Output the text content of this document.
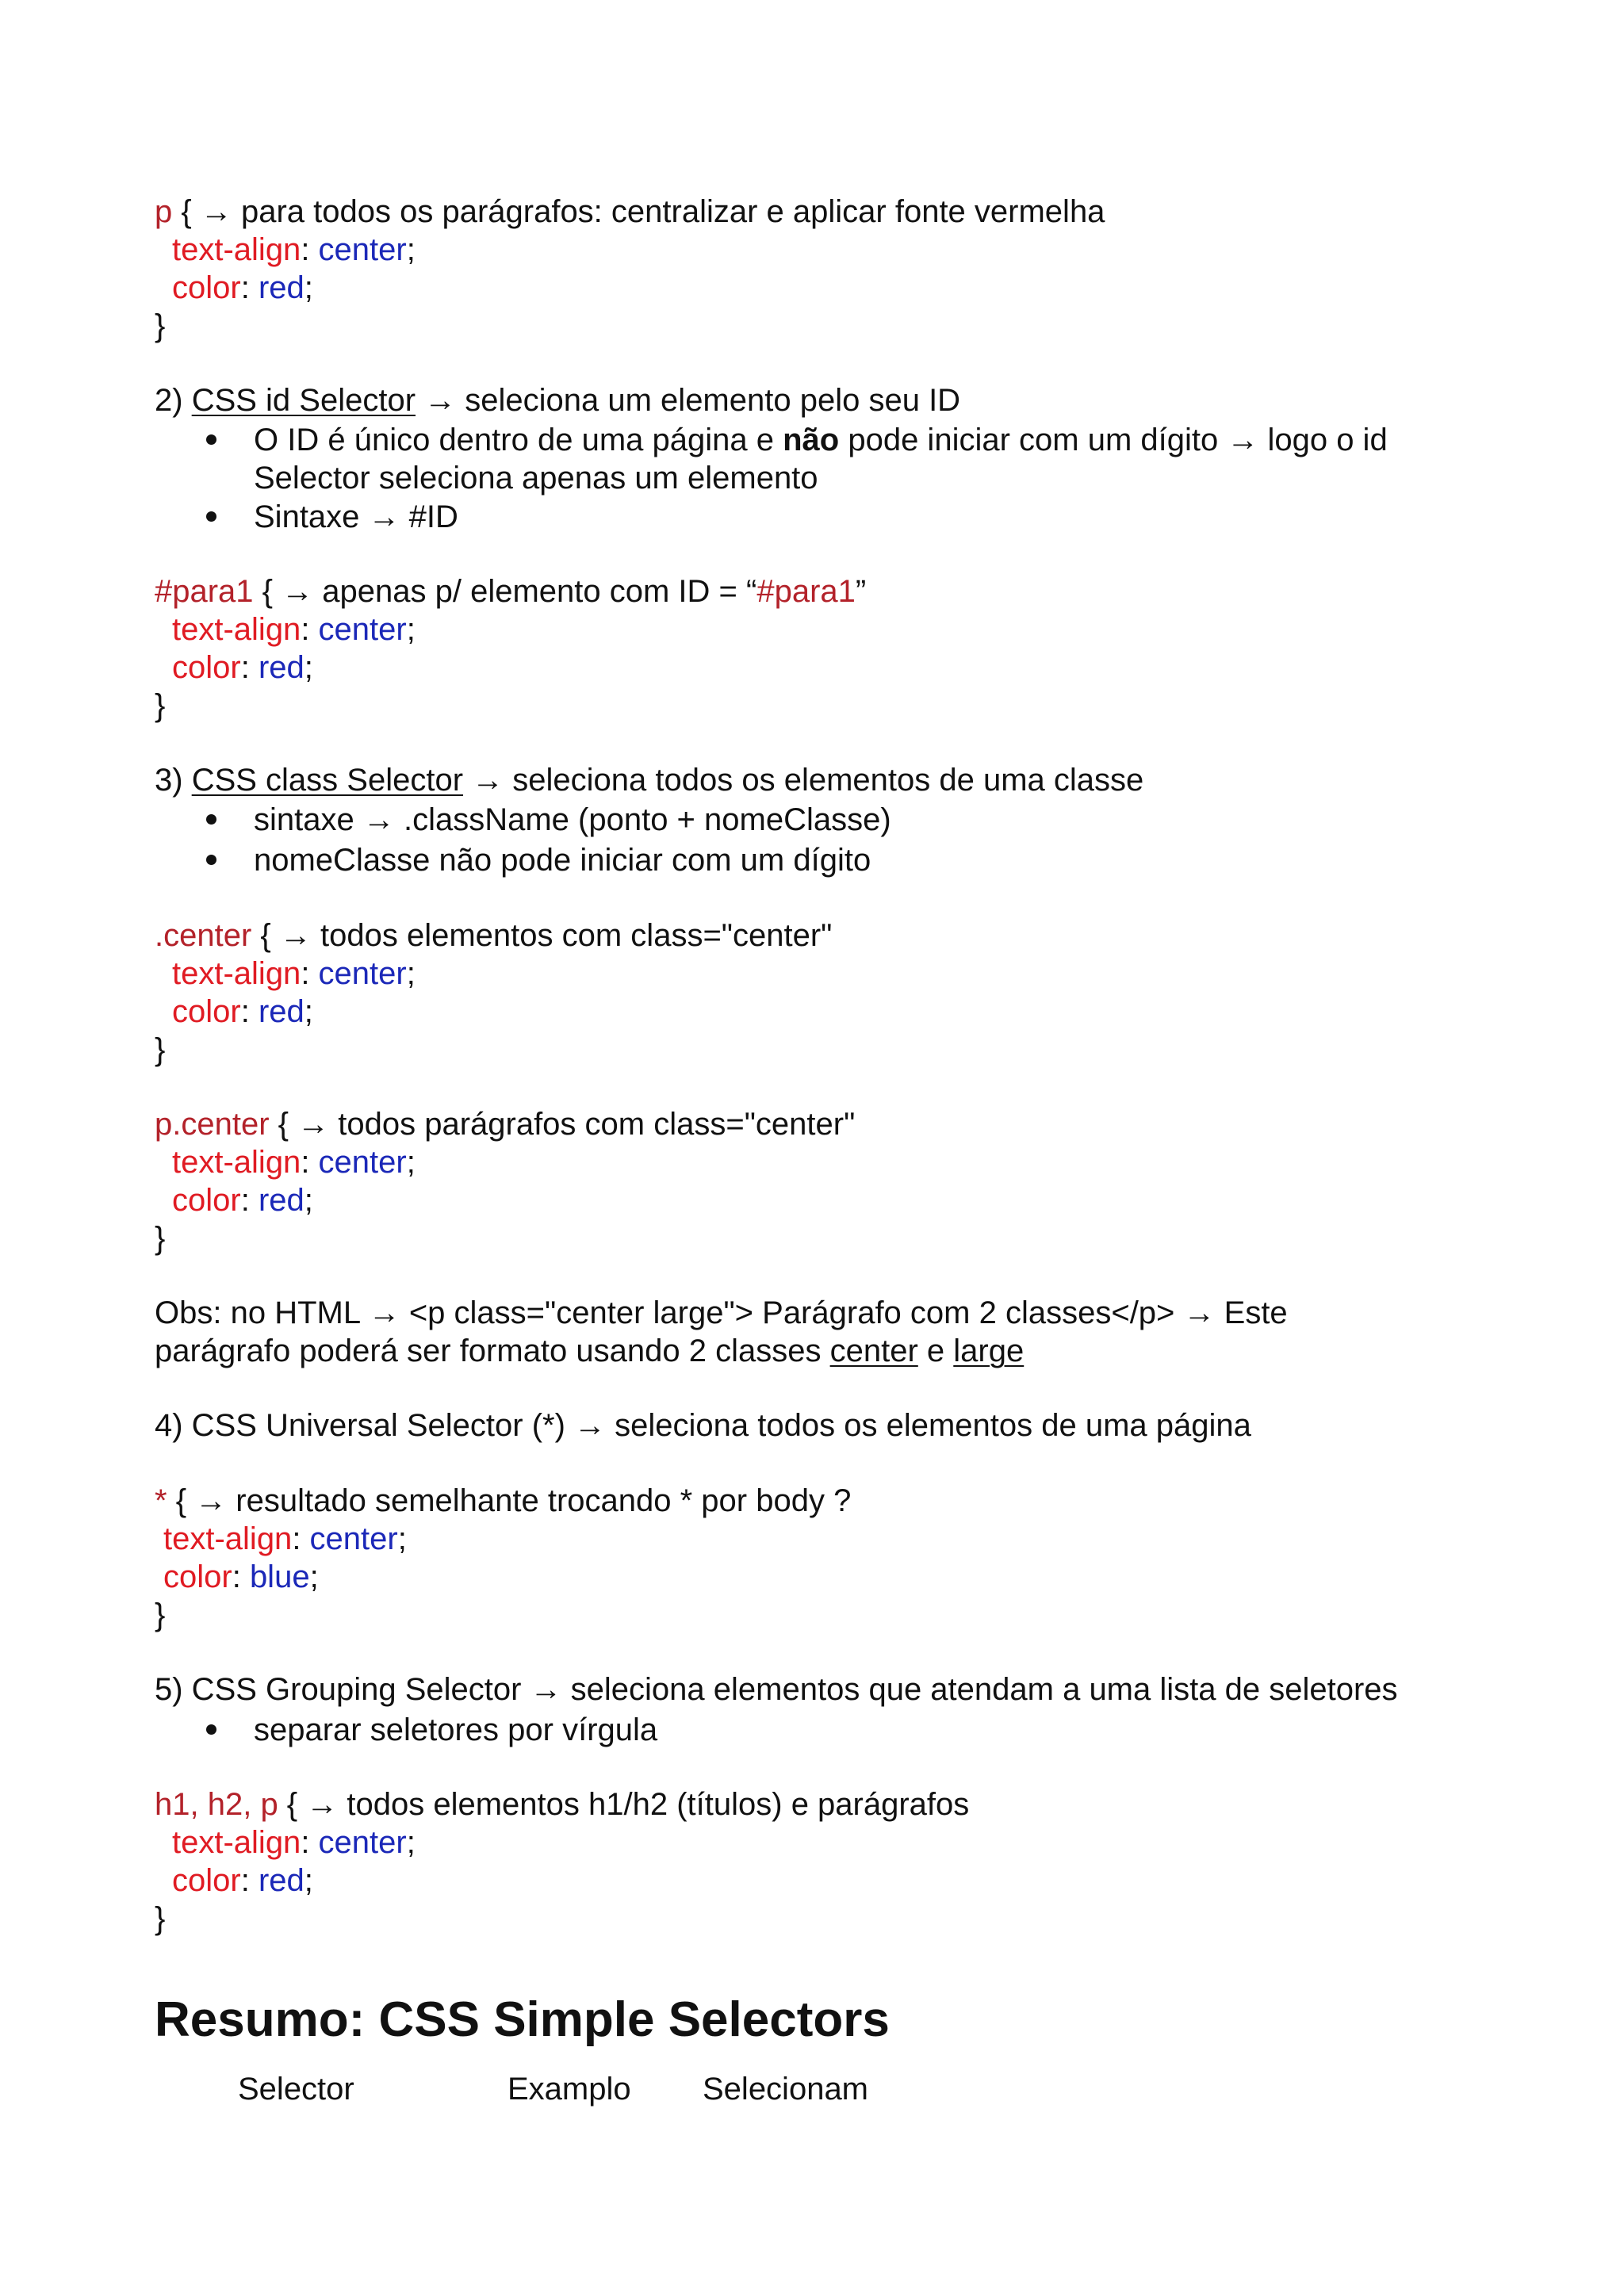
p { → para todos os parágrafos: centralizar e aplicar fonte vermelha
text-align: center;
color: red;
}
2) CSS id Selector → seleciona um elemento pelo seu ID
O ID é único dentro de uma página e não pode iniciar com um dígito → logo o id
Selector seleciona apenas um elemento
Sintaxe → #ID
#para1 { → apenas p/ elemento com ID = “#para1”
text-align: center;
color: red;
}
3) CSS class Selector → seleciona todos os elementos de uma classe
sintaxe → .className (ponto + nomeClasse)
nomeClasse não pode iniciar com um dígito
.center { → todos elementos com class="center"
text-align: center;
color: red;
}
p.center { → todos parágrafos com class="center"
text-align: center;
color: red;
}
Obs: no HTML → <p class="center large"> Parágrafo com 2 classes</p> → Este
parágrafo poderá ser formato usando 2 classes center e large
4) CSS Universal Selector (*) → seleciona todos os elementos de uma página
* { → resultado semelhante trocando * por body ?
text-align: center;
color: blue;
}
5) CSS Grouping Selector → seleciona elementos que atendam a uma lista de seletores
separar seletores por vírgula
h1, h2, p { → todos elementos h1/h2 (títulos) e parágrafos
text-align: center;
color: red;
}
Resumo: CSS Simple Selectors
Selector	Examplo Selecionam
